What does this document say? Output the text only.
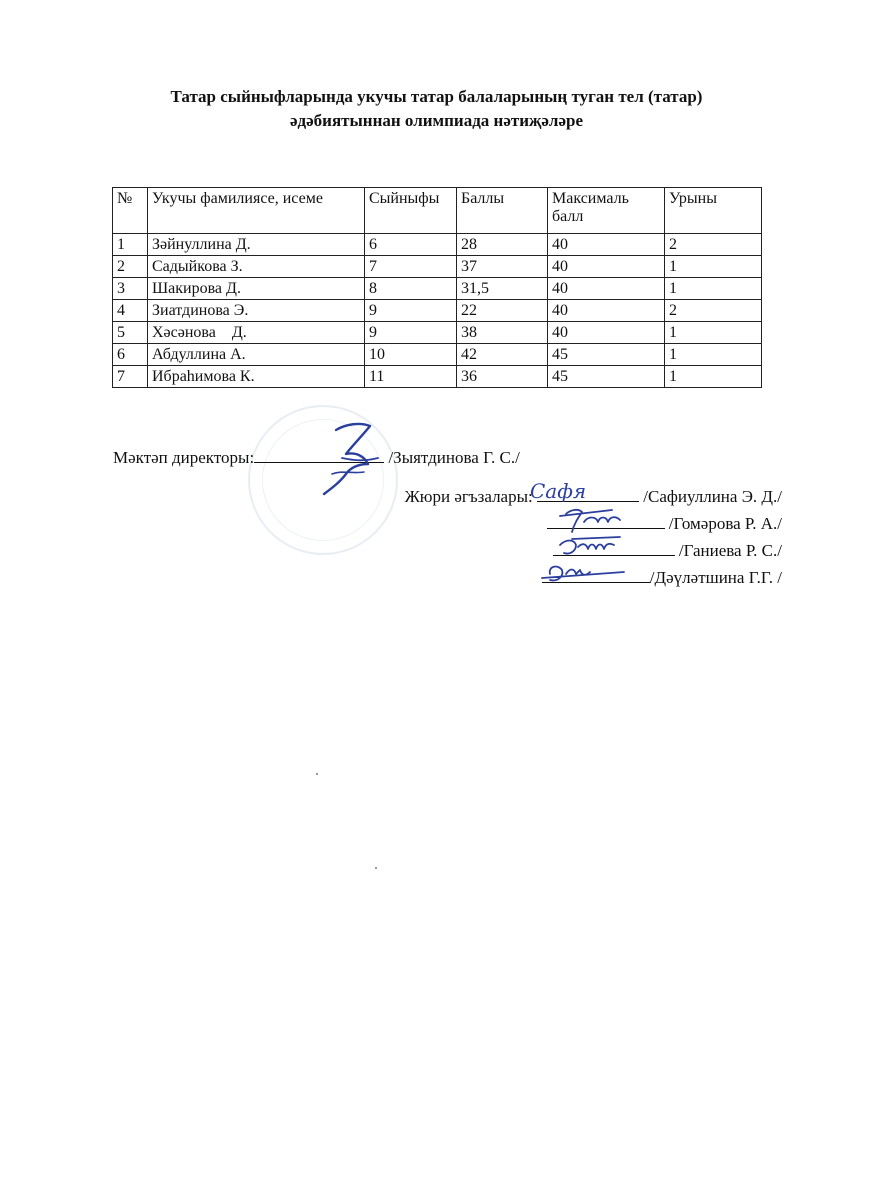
Татар сыйныфларында укучы татар балаларының туган тел (татар)
әдәбиятыннан олимпиада нәтиҗәләре
№	Укучы фамилиясе, исеме	Сыйныфы	Баллы	Максималь балл	Урыны
1	Зәйнуллина Д.	6	28	40	2
2	Садыйкова З.	7	37	40	1
3	Шакирова Д.	8	31,5	40	1
4	Зиатдинова Э.	9	22	40	2
5	Хәсәнова    Д.	9	38	40	1
6	Абдуллина А.	10	42	45	1
7	Ибраһимова К.	11	36	45	1
Мәктәп директоры:	/Зыятдинова Г. С./
Жюри әгъзалары:	/Сафиуллина Э. Д./
/Гомәрова Р. А./
/Ганиева Р. С./
/Дәүләтшина Г.Г. /
Сафя
